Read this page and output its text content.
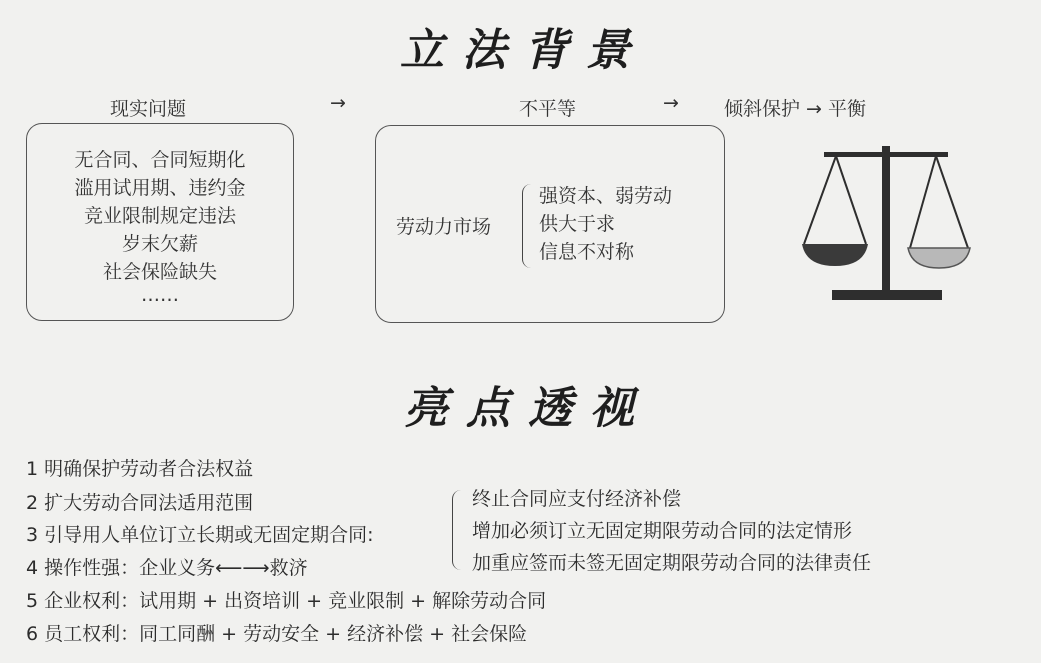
立法背景
现实问题	→	不平等	→ 倾斜保护 → 平衡
无合同、合同短期化
滥用试用期、违约金
竞业限制规定违法
岁末欠薪
社会保险缺失
……
劳动力市场
强资本、弱劳动
供大于求
信息不对称
亮点透视
1 明确保护劳动者合法权益
2 扩大劳动合同法适用范围
3 引导用人单位订立长期或无固定期合同:
4 操作性强：企业义务⟵⟶救济
5 企业权利：试用期 + 出资培训 + 竞业限制 + 解除劳动合同
6 员工权利：同工同酬 + 劳动安全 + 经济补偿 + 社会保险
终止合同应支付经济补偿
增加必须订立无固定期限劳动合同的法定情形
加重应签而未签无固定期限劳动合同的法律责任
